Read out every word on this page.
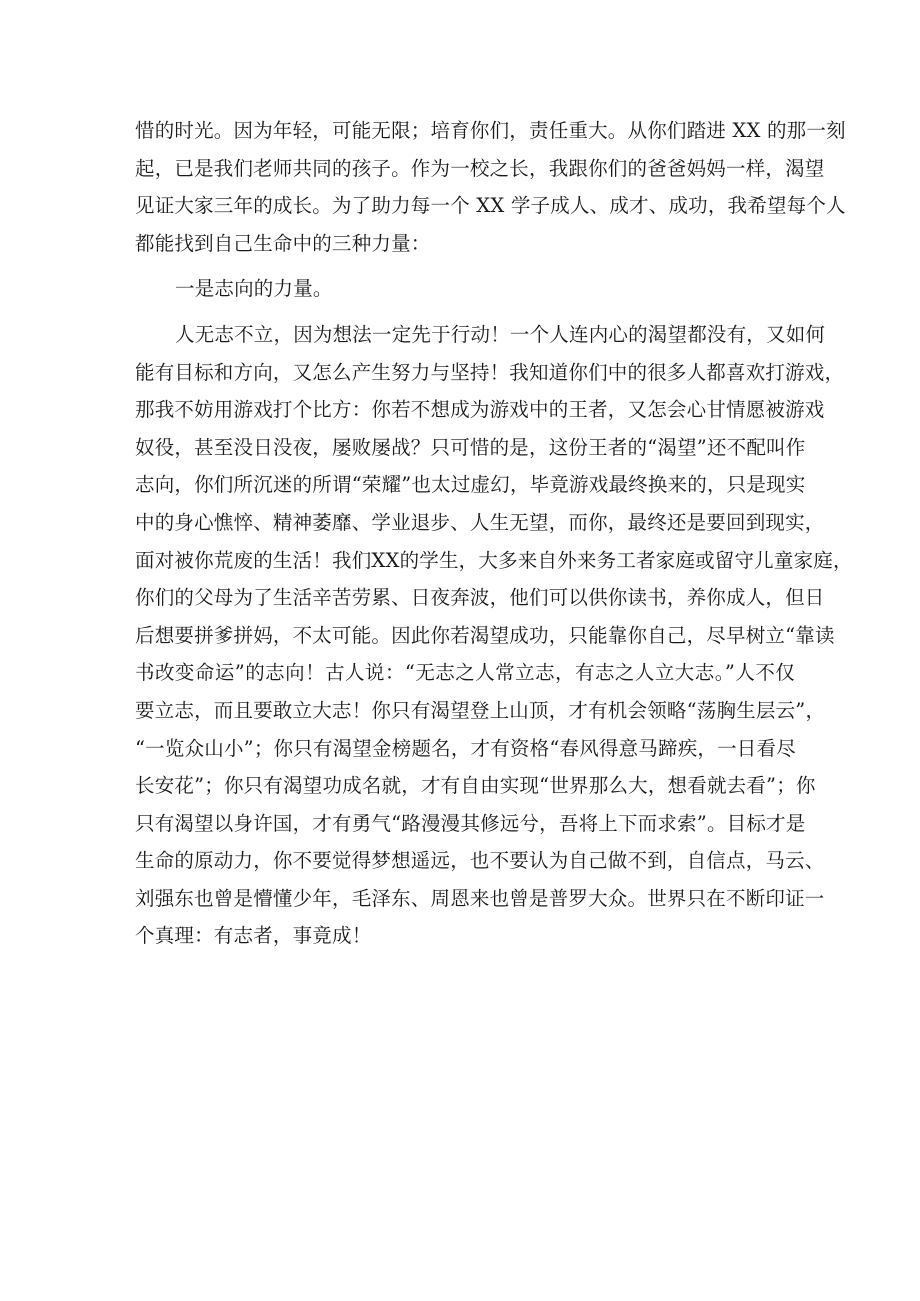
惜的时光。因为年轻，可能无限；培育你们，责任重大。从你们踏进 XX 的那一刻
起，已是我们老师共同的孩子。作为一校之长，我跟你们的爸爸妈妈一样，渴望
见证大家三年的成长。为了助力每一个 XX 学子成人、成才、成功，我希望每个人
都能找到自己生命中的三种力量：
一是志向的力量。
人无志不立，因为想法一定先于行动！一个人连内心的渴望都没有，又如何
能有目标和方向，又怎么产生努力与坚持！我知道你们中的很多人都喜欢打游戏，
那我不妨用游戏打个比方：你若不想成为游戏中的王者，又怎会心甘情愿被游戏
奴役，甚至没日没夜，屡败屡战？只可惜的是，这份王者的“渴望”还不配叫作
志向，你们所沉迷的所谓“荣耀”也太过虚幻，毕竟游戏最终换来的，只是现实
中的身心憔悴、精神萎靡、学业退步、人生无望，而你，最终还是要回到现实，
面对被你荒废的生活！我们XX的学生，大多来自外来务工者家庭或留守儿童家庭，
你们的父母为了生活辛苦劳累、日夜奔波，他们可以供你读书，养你成人，但日
后想要拼爹拼妈，不太可能。因此你若渴望成功，只能靠你自己，尽早树立“靠读
书改变命运”的志向！古人说：“无志之人常立志，有志之人立大志。”人不仅
要立志，而且要敢立大志！你只有渴望登上山顶，才有机会领略“荡胸生层云”，
“一览众山小”；你只有渴望金榜题名，才有资格“春风得意马蹄疾，一日看尽
长安花”；你只有渴望功成名就，才有自由实现“世界那么大，想看就去看”；你
只有渴望以身许国，才有勇气“路漫漫其修远兮，吾将上下而求索”。目标才是
生命的原动力，你不要觉得梦想遥远，也不要认为自己做不到，自信点，马云、
刘强东也曾是懵懂少年，毛泽东、周恩来也曾是普罗大众。世界只在不断印证一
个真理：有志者，事竟成！
